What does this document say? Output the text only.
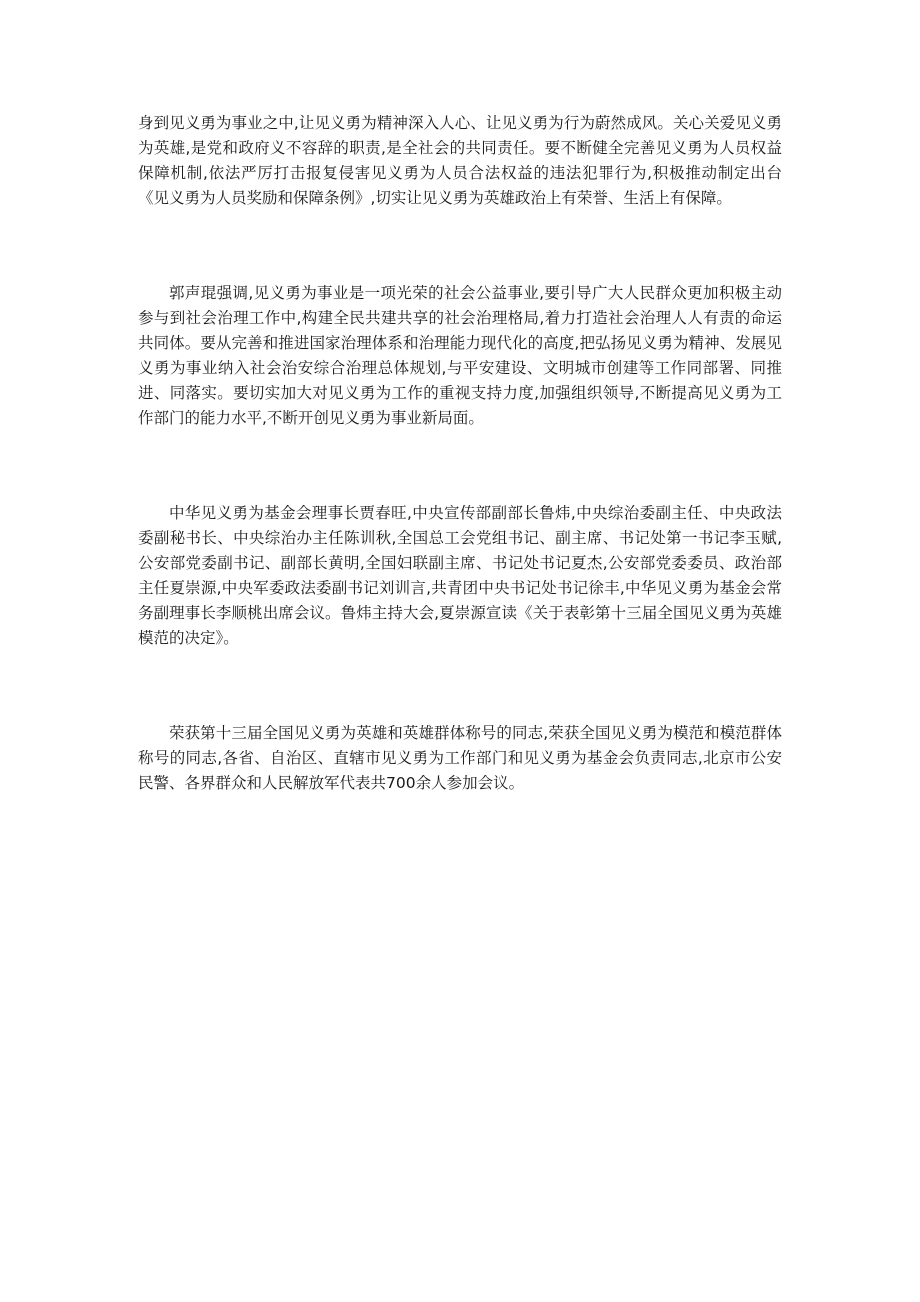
身到见义勇为事业之中,让见义勇为精神深入人心、让见义勇为行为蔚然成风。关心关爱见义勇为英雄,是党和政府义不容辞的职责,是全社会的共同责任。要不断健全完善见义勇为人员权益保障机制,依法严厉打击报复侵害见义勇为人员合法权益的违法犯罪行为,积极推动制定出台《见义勇为人员奖励和保障条例》,切实让见义勇为英雄政治上有荣誉、生活上有保障。

郭声琨强调,见义勇为事业是一项光荣的社会公益事业,要引导广大人民群众更加积极主动参与到社会治理工作中,构建全民共建共享的社会治理格局,着力打造社会治理人人有责的命运共同体。要从完善和推进国家治理体系和治理能力现代化的高度,把弘扬见义勇为精神、发展见义勇为事业纳入社会治安综合治理总体规划,与平安建设、文明城市创建等工作同部署、同推进、同落实。要切实加大对见义勇为工作的重视支持力度,加强组织领导,不断提高见义勇为工作部门的能力水平,不断开创见义勇为事业新局面。

中华见义勇为基金会理事长贾春旺,中央宣传部副部长鲁炜,中央综治委副主任、中央政法委副秘书长、中央综治办主任陈训秋,全国总工会党组书记、副主席、书记处第一书记李玉赋,公安部党委副书记、副部长黄明,全国妇联副主席、书记处书记夏杰,公安部党委委员、政治部主任夏崇源,中央军委政法委副书记刘训言,共青团中央书记处书记徐丰,中华见义勇为基金会常务副理事长李顺桃出席会议。鲁炜主持大会,夏崇源宣读《关于表彰第十三届全国见义勇为英雄模范的决定》。

荣获第十三届全国见义勇为英雄和英雄群体称号的同志,荣获全国见义勇为模范和模范群体称号的同志,各省、自治区、直辖市见义勇为工作部门和见义勇为基金会负责同志,北京市公安民警、各界群众和人民解放军代表共700余人参加会议。
